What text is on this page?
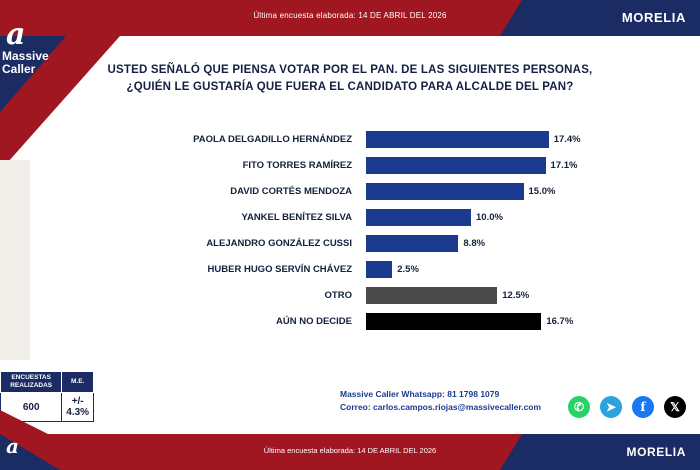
Última encuesta elaborada: 14 DE ABRIL DEL 2026	MORELIA
a
Massive
Caller	USTED SEÑALÓ QUE PIENSA VOTAR POR EL PAN. DE LAS SIGUIENTES PERSONAS,
¿QUIÉN LE GUSTARÍA QUE FUERA EL CANDIDATO PARA ALCALDE DEL PAN?
PAOLA DELGADILLO HERNÁNDEZ	17.4%
FITO TORRES RAMÍREZ	17.1%
DAVID CORTÉS MENDOZA	15.0%
YANKEL BENÍTEZ SILVA	10.0%
ALEJANDRO GONZÁLEZ CUSSI	8.8%
HUBER HUGO SERVÍN CHÁVEZ	2.5%
OTRO	12.5%
AÚN NO DECIDE	16.7%
ENCUESTAS REALIZADAS	M.E.
600	+/- 4.3%
Massive Caller Whatsapp: 81 1798 1079
Correo: carlos.campos.riojas@massivecaller.com	✆	➤	f	𝕏
Última encuesta elaborada: 14 DE ABRIL DEL 2026	MORELIA
a
